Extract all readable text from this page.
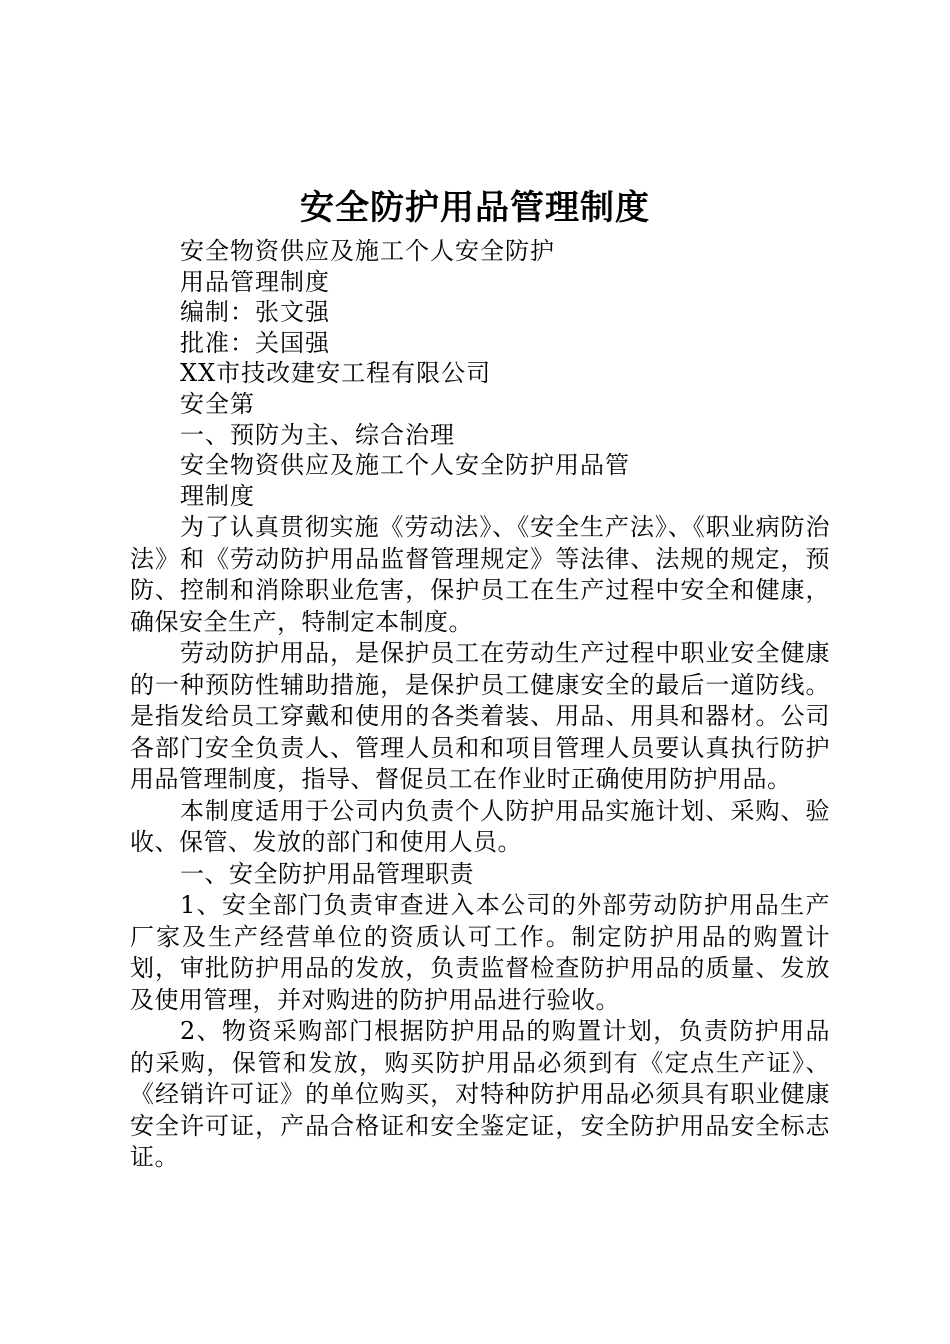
安全防护用品管理制度
安全物资供应及施工个人安全防护
用品管理制度
编制：张文强
批准：关国强
XX市技改建安工程有限公司
安全第
一、预防为主、综合治理
安全物资供应及施工个人安全防护用品管
理制度

为了认真贯彻实施《劳动法》、《安全生产法》、《职业病防治法》和《劳动防护用品监督管理规定》等法律、法规的规定，预防、控制和消除职业危害，保护员工在生产过程中安全和健康，确保安全生产，特制定本制度。

劳动防护用品，是保护员工在劳动生产过程中职业安全健康的一种预防性辅助措施，是保护员工健康安全的最后一道防线。是指发给员工穿戴和使用的各类着装、用品、用具和器材。公司各部门安全负责人、管理人员和和项目管理人员要认真执行防护用品管理制度，指导、督促员工在作业时正确使用防护用品。

本制度适用于公司内负责个人防护用品实施计划、采购、验收、保管、发放的部门和使用人员。

一、安全防护用品管理职责

1、安全部门负责审查进入本公司的外部劳动防护用品生产厂家及生产经营单位的资质认可工作。制定防护用品的购置计划，审批防护用品的发放，负责监督检查防护用品的质量、发放及使用管理，并对购进的防护用品进行验收。

2、物资采购部门根据防护用品的购置计划，负责防护用品的采购，保管和发放，购买防护用品必须到有《定点生产证》、《经销许可证》的单位购买，对特种防护用品必须具有职业健康安全许可证，产品合格证和安全鉴定证，安全防护用品安全标志证。
